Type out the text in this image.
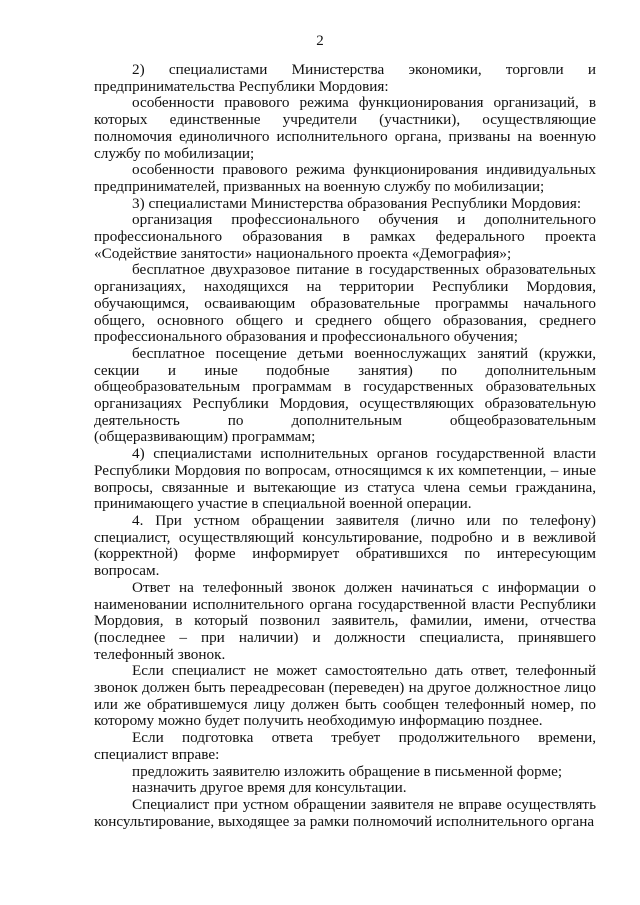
2

2) специалистами Министерства экономики, торговли и предпринимательства Республики Мордовия:

особенности правового режима функционирования организаций, в которых единственные учредители (участники), осуществляющие полномочия единоличного исполнительного органа, призваны на военную службу по мобилизации;

особенности правового режима функционирования индивидуальных предпринимателей, призванных на военную службу по мобилизации;

3) специалистами Министерства образования Республики Мордовия:

организация профессионального обучения и дополнительного профессионального образования в рамках федерального проекта «Содействие занятости» национального проекта «Демография»;

бесплатное двухразовое питание в государственных образовательных организациях, находящихся на территории Республики Мордовия, обучающимся, осваивающим образовательные программы начального общего, основного общего и среднего общего образования, среднего профессионального образования и профессионального обучения;

бесплатное посещение детьми военнослужащих занятий (кружки, секции и иные подобные занятия) по дополнительным общеобразовательным программам в государственных образовательных организациях Республики Мордовия, осуществляющих образовательную деятельность по дополнительным общеобразовательным (общеразвивающим) программам;

4) специалистами исполнительных органов государственной власти Республики Мордовия по вопросам, относящимся к их компетенции, – иные вопросы, связанные и вытекающие из статуса члена семьи гражданина, принимающего участие в специальной военной операции.

4. При устном обращении заявителя (лично или по телефону) специалист, осуществляющий консультирование, подробно и в вежливой (корректной) форме информирует обратившихся по интересующим вопросам.

Ответ на телефонный звонок должен начинаться с информации о наименовании исполнительного органа государственной власти Республики Мордовия, в который позвонил заявитель, фамилии, имени, отчества (последнее – при наличии) и должности специалиста, принявшего телефонный звонок.

Если специалист не может самостоятельно дать ответ, телефонный звонок должен быть переадресован (переведен) на другое должностное лицо или же обратившемуся лицу должен быть сообщен телефонный номер, по которому можно будет получить необходимую информацию позднее.

Если подготовка ответа требует продолжительного времени, специалист вправе:

предложить заявителю изложить обращение в письменной форме;

назначить другое время для консультации.

Специалист при устном обращении заявителя не вправе осуществлять консультирование, выходящее за рамки полномочий исполнительного органа
